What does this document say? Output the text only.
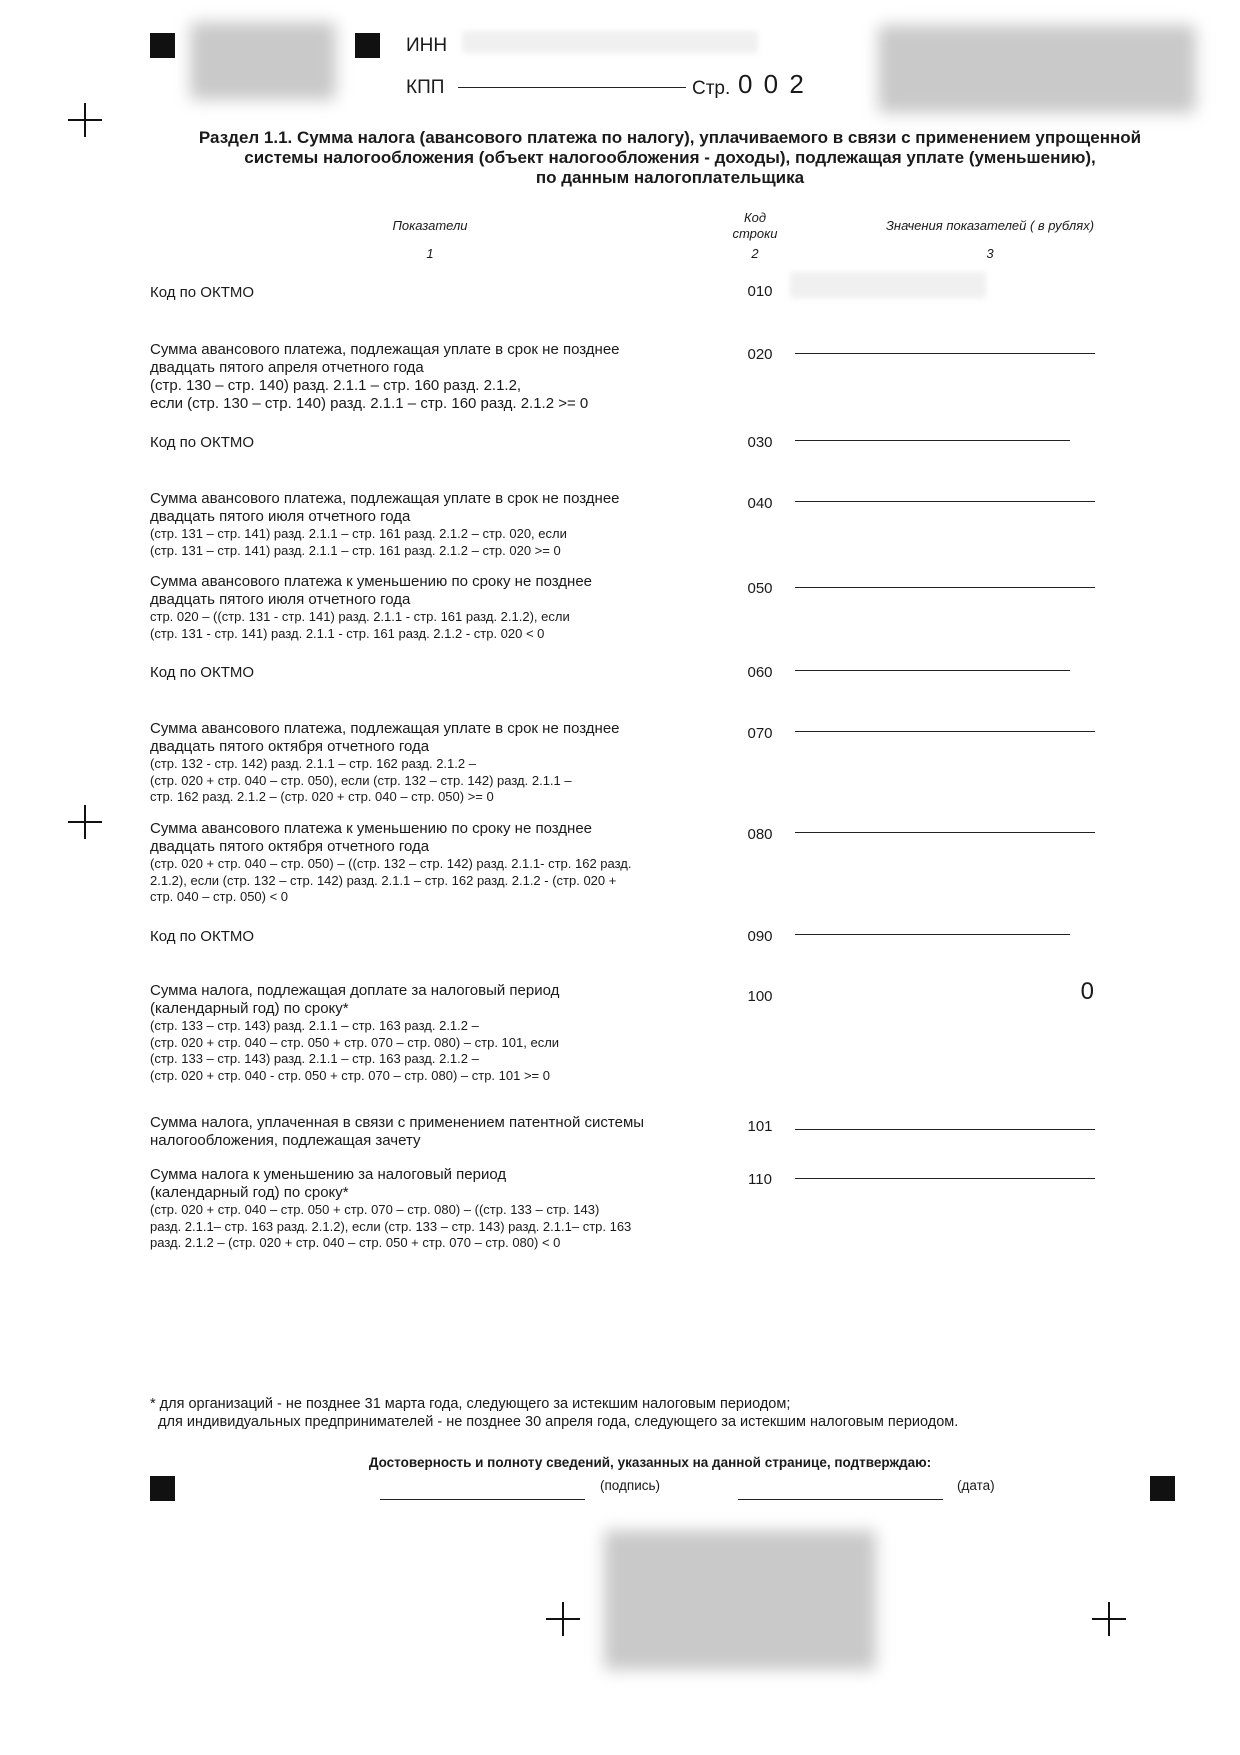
ИНН
КПП	Стр. 0 0 2
Раздел 1.1. Сумма налога (авансового платежа по налогу), уплачиваемого в связи с применением упрощенной
системы налогообложения (объект налогообложения - доходы), подлежащая уплате (уменьшению),
по данным налогоплательщика
Показатели
Код
строки
Значения показателей ( в рублях)
1	2	3
Код по ОКТМО	010
Сумма авансового платежа, подлежащая уплате в срок не позднее
двадцать пятого апреля отчетного года
(стр. 130 – стр. 140) разд. 2.1.1 – стр. 160 разд. 2.1.2,
если (стр. 130 – стр. 140) разд. 2.1.1 – стр. 160 разд. 2.1.2 >= 0
020
Код по ОКТМО	030
Сумма авансового платежа, подлежащая уплате в срок не позднее
двадцать пятого июля отчетного года
(стр. 131 – стр. 141) разд. 2.1.1 – стр. 161 разд. 2.1.2 – стр. 020, если
(стр. 131 – стр. 141) разд. 2.1.1 – стр. 161 разд. 2.1.2 – стр. 020 >= 0
040
Сумма авансового платежа к уменьшению по сроку не позднее
двадцать пятого июля отчетного года
стр. 020 – ((стр. 131 - стр. 141) разд. 2.1.1 - стр. 161 разд. 2.1.2), если
(стр. 131 - стр. 141) разд. 2.1.1 - стр. 161 разд. 2.1.2 - стр. 020 < 0
050
Код по ОКТМО	060
Сумма авансового платежа, подлежащая уплате в срок не позднее
двадцать пятого октября отчетного года
(стр. 132 - стр. 142) разд. 2.1.1 – стр. 162 разд. 2.1.2 –
(стр. 020 + стр. 040 – стр. 050), если (стр. 132 – стр. 142) разд. 2.1.1 –
стр. 162 разд. 2.1.2 – (стр. 020 + стр. 040 – стр. 050) >= 0
070
Сумма авансового платежа к уменьшению по сроку не позднее
двадцать пятого октября отчетного года
(стр. 020 + стр. 040 – стр. 050) – ((стр. 132 – стр. 142) разд. 2.1.1- стр. 162 разд.
2.1.2), если (стр. 132 – стр. 142) разд. 2.1.1 – стр. 162 разд. 2.1.2 - (стр. 020 +
стр. 040 – стр. 050) < 0
080
Код по ОКТМО	090
Сумма налога, подлежащая доплате за налоговый период
(календарный год) по сроку*
(стр. 133 – стр. 143) разд. 2.1.1 – стр. 163 разд. 2.1.2 –
(стр. 020 + стр. 040 – стр. 050 + стр. 070 – стр. 080) – стр. 101, если
(стр. 133 – стр. 143) разд. 2.1.1 – стр. 163 разд. 2.1.2 –
(стр. 020 + стр. 040 - стр. 050 + стр. 070 – стр. 080) – стр. 101 >= 0
100	0
Сумма налога, уплаченная в связи с применением патентной системы
налогообложения, подлежащая зачету
101
Сумма налога к уменьшению за налоговый период
(календарный год) по сроку*
(стр. 020 + стр. 040 – стр. 050 + стр. 070 – стр. 080) – ((стр. 133 – стр. 143)
разд. 2.1.1– стр. 163 разд. 2.1.2), если (стр. 133 – стр. 143) разд. 2.1.1– стр. 163
разд. 2.1.2 – (стр. 020 + стр. 040 – стр. 050 + стр. 070 – стр. 080) < 0
110
* для организаций - не позднее 31 марта года, следующего за истекшим налоговым периодом;
для индивидуальных предпринимателей - не позднее 30 апреля года, следующего за истекшим налоговым периодом.
Достоверность и полноту сведений, указанных на данной странице, подтверждаю:
(подпись)	(дата)
